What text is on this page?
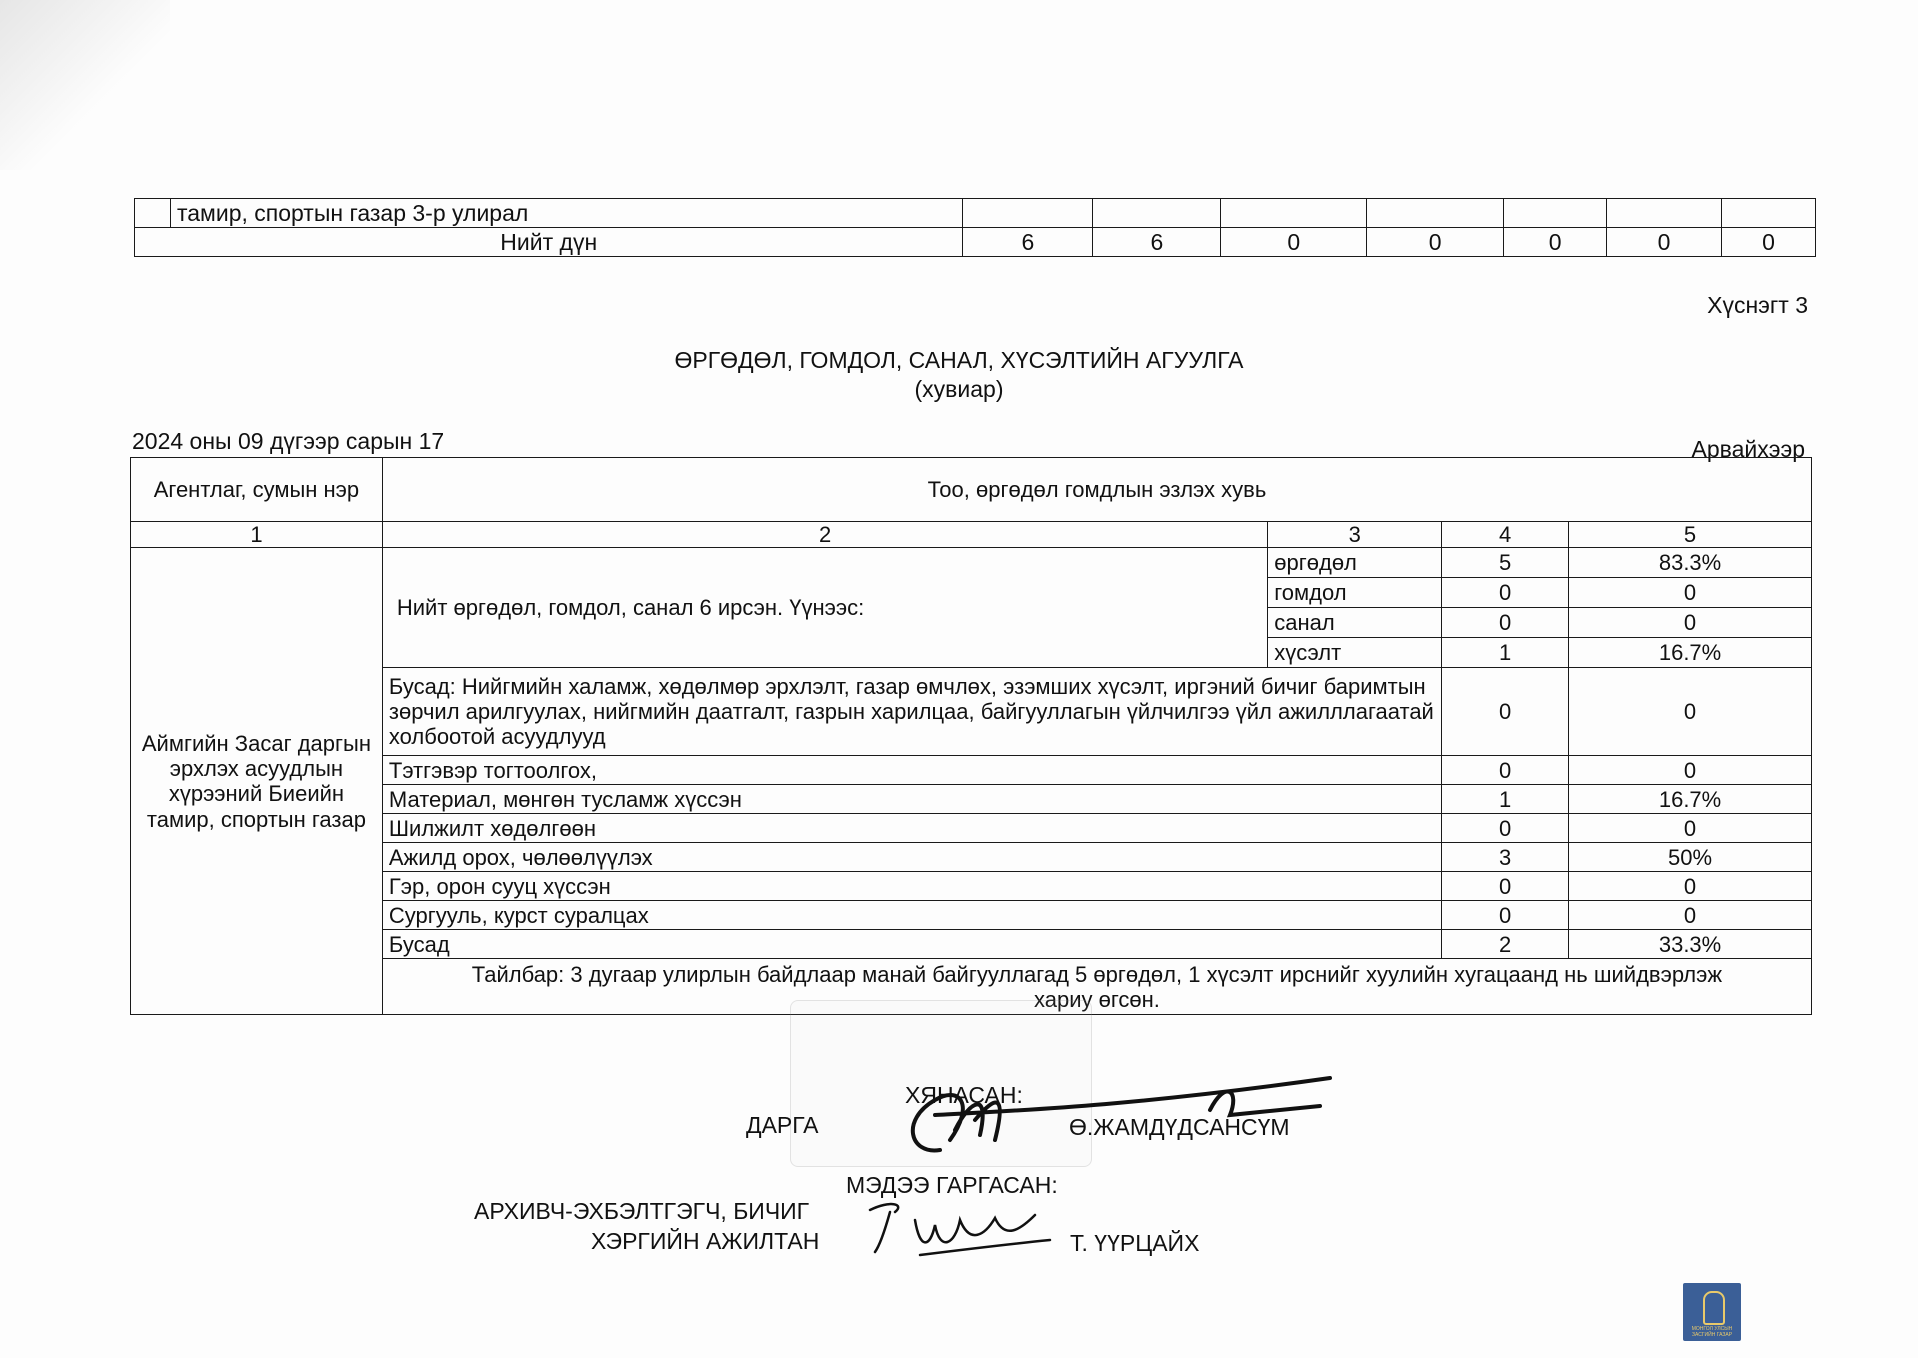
	тамир, спортын газар 3-р улирал							
Нийт дүн		6	6	0	0	0	0	0
Хүснэгт 3
ӨРГӨДӨЛ, ГОМДОЛ, САНАЛ, ХҮСЭЛТИЙН АГУУЛГА
(хувиар)
2024 оны 09 дүгээр сарын 17	Арвайхээр
Агентлаг, сумын нэр	Тоо, өргөдөл гомдлын эзлэх хувь			
1	2	3	4	5
Аймгийн Засаг даргын эрхлэх асуудлын хүрээний Биеийн тамир, спортын газар	Нийт өргөдөл, гомдол, санал 6 ирсэн. Үүнээс:	өргөдөл	5	83.3%
		гомдол	0	0
		санал	0	0
		хүсэлт	1	16.7%
	Бусад: Нийгмийн халамж, хөдөлмөр эрхлэлт, газар өмчлөх, эзэмших хүсэлт, иргэний бичиг баримтын зөрчил арилгуулах, нийгмийн даатгалт, газрын харилцаа, байгууллагын үйлчилгээ үйл ажилллагаатай холбоотой асуудлууд		0	0
	Тэтгэвэр тогтоолгох,		0	0
	Материал, мөнгөн тусламж хүссэн		1	16.7%
	Шилжилт хөдөлгөөн		0	0
	Ажилд орох, чөлөөлүүлэх		3	50%
	Гэр, орон сууц хүссэн		0	0
	Сургууль, курст суралцах		0	0
	Бусад		2	33.3%
	Тайлбар: 3 дугаар улирлын байдлаар манай байгууллагад 5 өргөдөл, 1 хүсэлт ирснийг хуулийн хугацаанд нь шийдвэрлэж хариу өгсөн.			
ХЯНАСАН:
ДАРГА	Ө.ЖАМДҮДСАНСҮМ
МЭДЭЭ ГАРГАСАН:
АРХИВЧ-ЭХБЭЛТГЭГЧ, БИЧИГ
ХЭРГИЙН АЖИЛТАН	Т. ҮҮРЦАЙХ
МОНГОЛ УЛСЫН ЗАСГИЙН ГАЗАР
